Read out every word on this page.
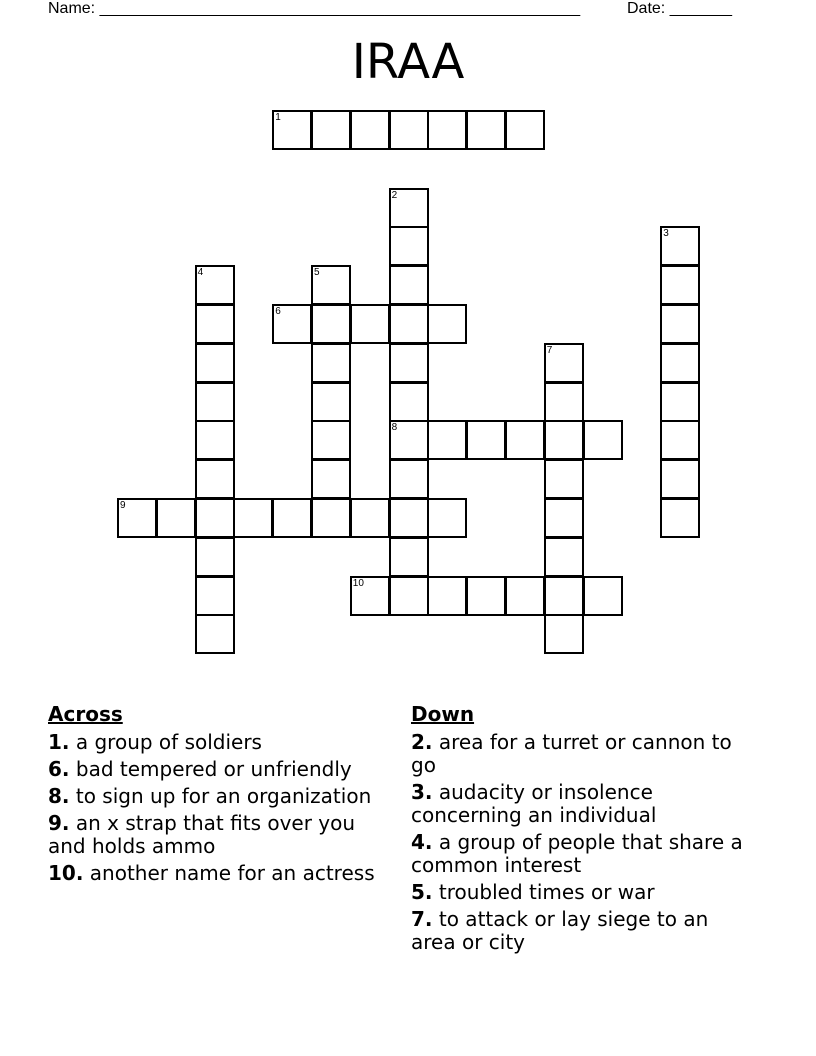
Name: ______________________________________________________	Date: _______
IRAA
1
2
3
4	5
6
7
8
9
10
Across
1. a group of soldiers
6. bad tempered or unfriendly
8. to sign up for an organization
9. an x strap that fits over you and holds ammo
10. another name for an actress
Down
2. area for a turret or cannon to go
3. audacity or insolence concerning an individual
4. a group of people that share a common interest
5. troubled times or war
7. to attack or lay siege to an area or city
